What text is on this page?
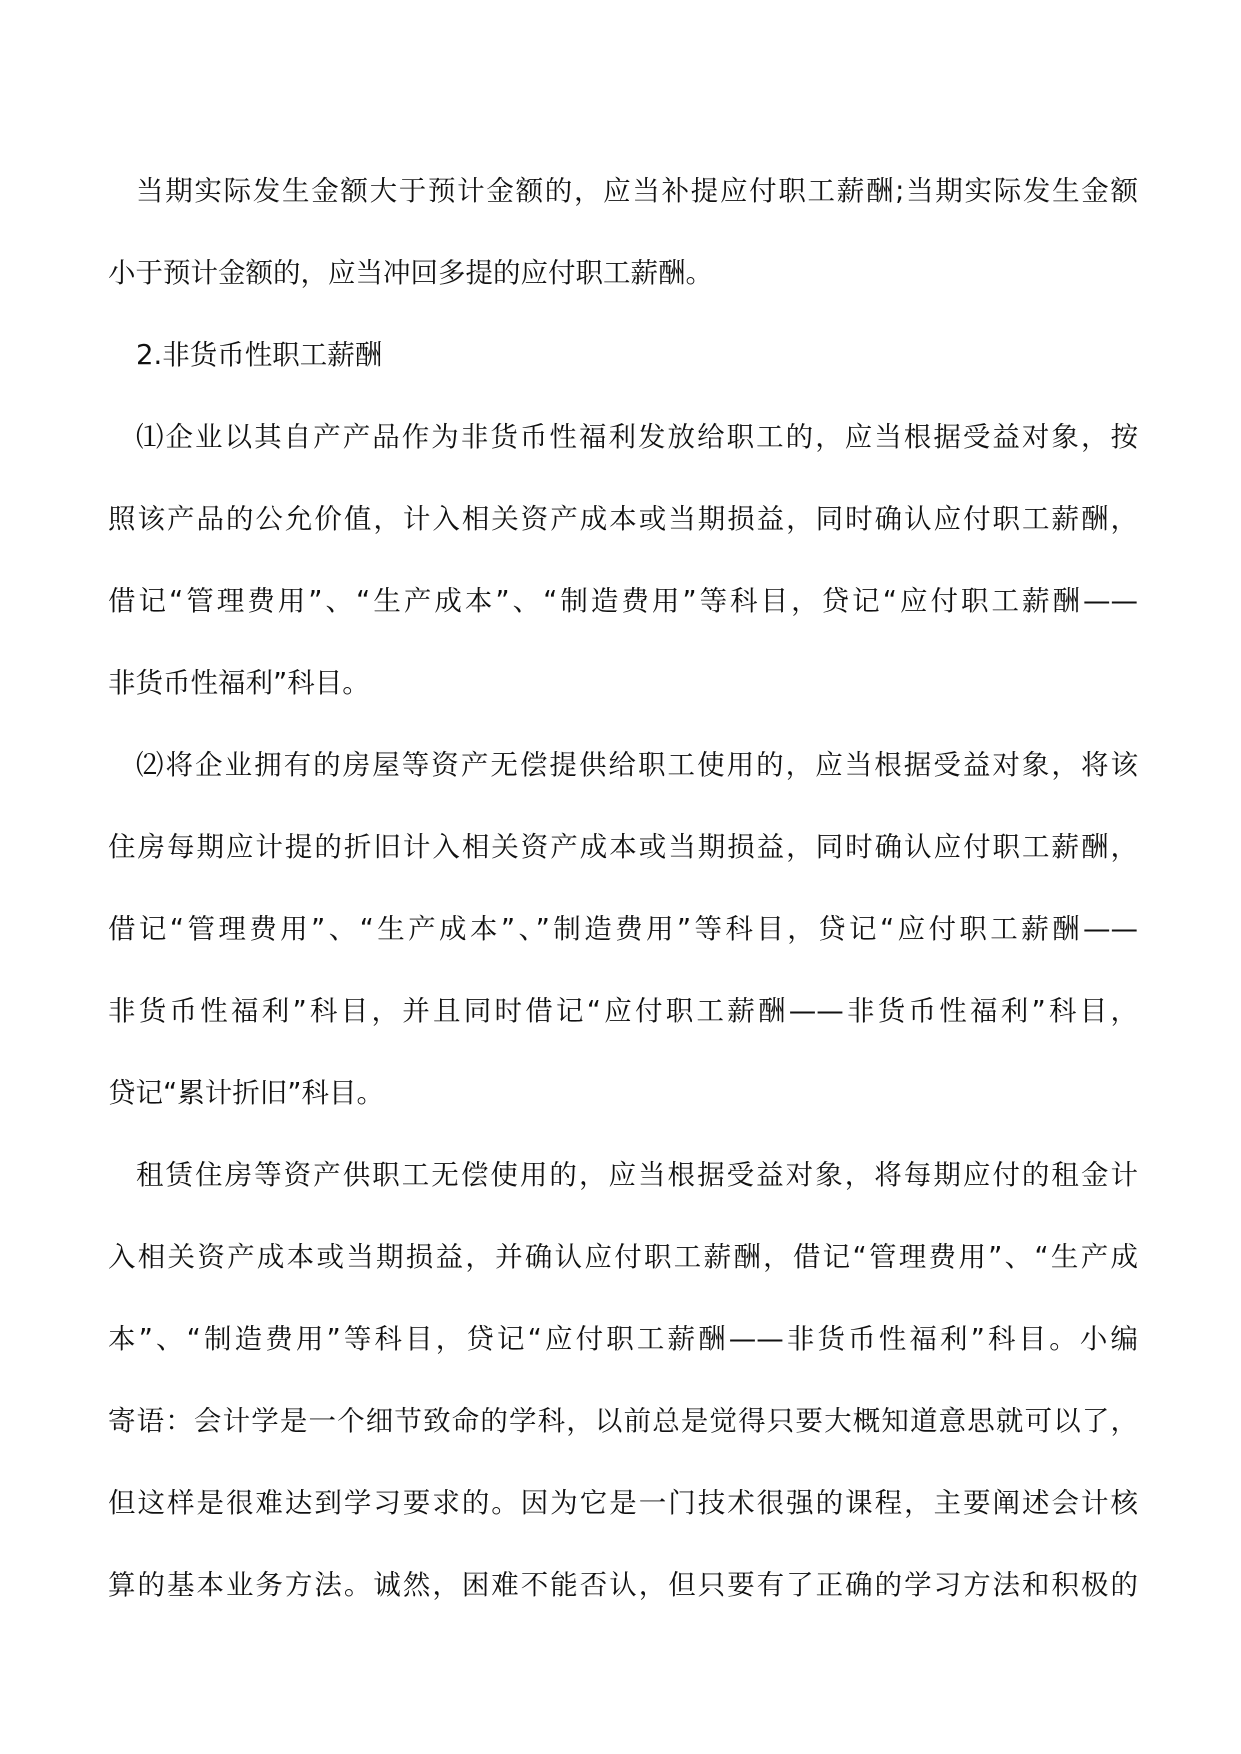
当期实际发生金额大于预计金额的，应当补提应付职工薪酬;当期实际发生金额
小于预计金额的，应当冲回多提的应付职工薪酬。
2.非货币性职工薪酬
⑴企业以其自产产品作为非货币性福利发放给职工的，应当根据受益对象，按
照该产品的公允价值，计入相关资产成本或当期损益，同时确认应付职工薪酬，
借记“管理费用”、“生产成本”、“制造费用”等科目，贷记“应付职工薪酬——
非货币性福利”科目。
⑵将企业拥有的房屋等资产无偿提供给职工使用的，应当根据受益对象，将该
住房每期应计提的折旧计入相关资产成本或当期损益，同时确认应付职工薪酬，
借记“管理费用”、“生产成本”、”制造费用”等科目，贷记“应付职工薪酬——
非货币性福利”科目，并且同时借记“应付职工薪酬——非货币性福利”科目，
贷记“累计折旧”科目。
租赁住房等资产供职工无偿使用的，应当根据受益对象，将每期应付的租金计
入相关资产成本或当期损益，并确认应付职工薪酬，借记“管理费用”、“生产成
本”、“制造费用”等科目，贷记“应付职工薪酬——非货币性福利”科目。小编
寄语：会计学是一个细节致命的学科，以前总是觉得只要大概知道意思就可以了，
但这样是很难达到学习要求的。因为它是一门技术很强的课程，主要阐述会计核
算的基本业务方法。诚然，困难不能否认，但只要有了正确的学习方法和积极的
